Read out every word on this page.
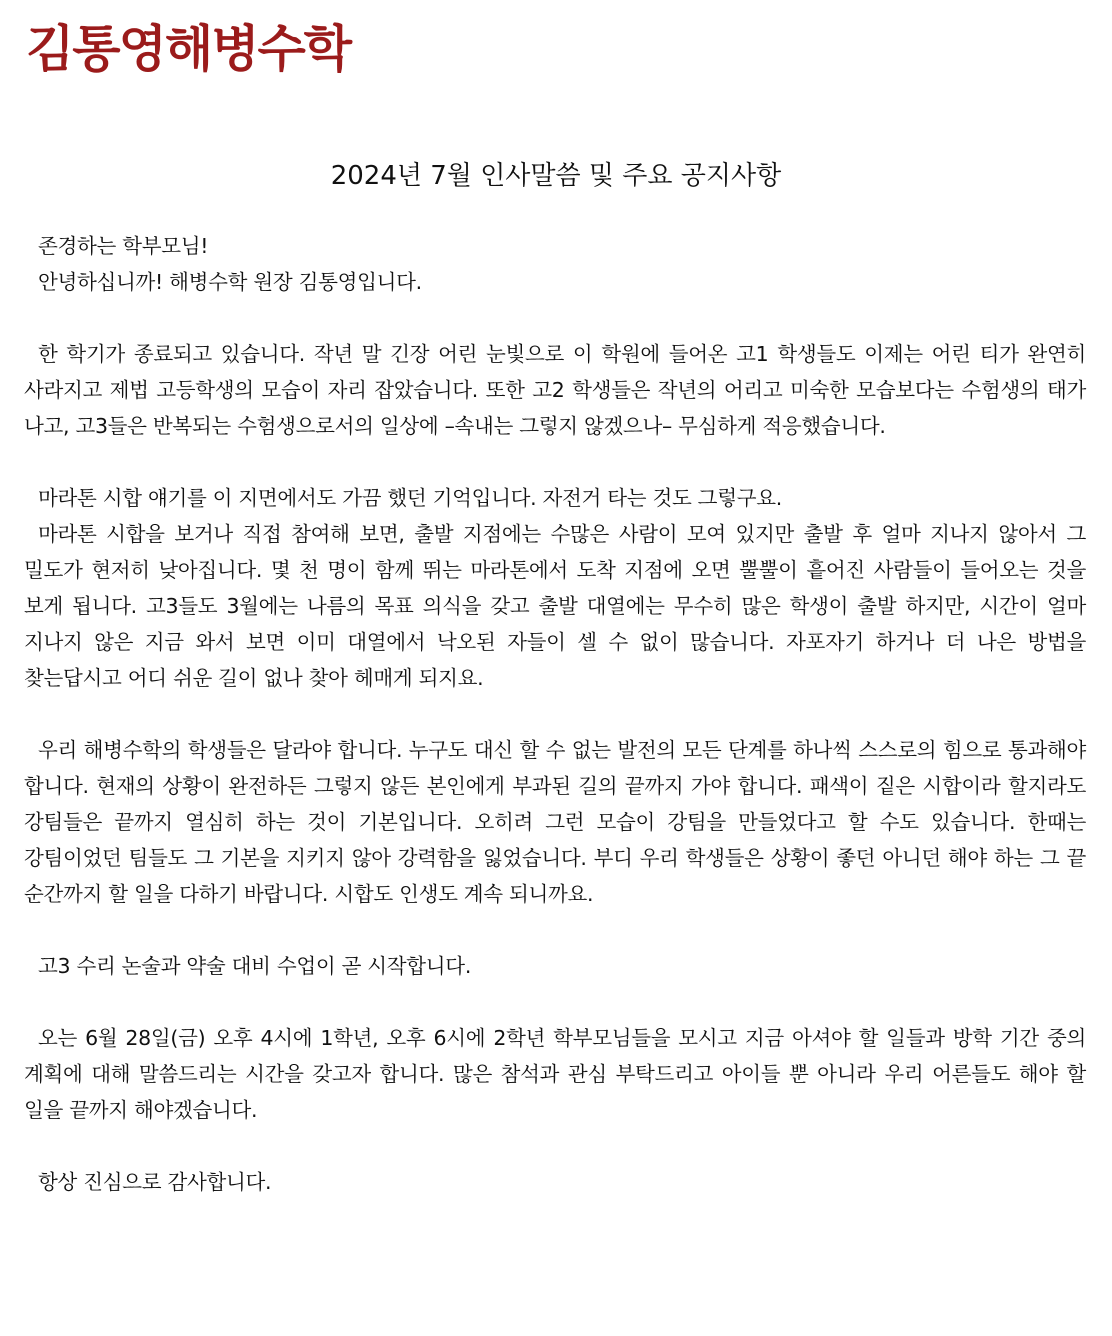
김통영해병수학
2024년 7월 인사말씀 및 주요 공지사항

존경하는 학부모님!

안녕하십니까! 해병수학 원장 김통영입니다.

한 학기가 종료되고 있습니다. 작년 말 긴장 어린 눈빛으로 이 학원에 들어온 고1 학생들도 이제는 어린 티가 완연히 사라지고 제법 고등학생의 모습이 자리 잡았습니다. 또한 고2 학생들은 작년의 어리고 미숙한 모습보다는 수험생의 태가 나고, 고3들은 반복되는 수험생으로서의 일상에 –속내는 그렇지 않겠으나– 무심하게 적응했습니다.

마라톤 시합 얘기를 이 지면에서도 가끔 했던 기억입니다. 자전거 타는 것도 그렇구요.

마라톤 시합을 보거나 직접 참여해 보면, 출발 지점에는 수많은 사람이 모여 있지만 출발 후 얼마 지나지 않아서 그 밀도가 현저히 낮아집니다. 몇 천 명이 함께 뛰는 마라톤에서 도착 지점에 오면 뿔뿔이 흩어진 사람들이 들어오는 것을 보게 됩니다. 고3들도 3월에는 나름의 목표 의식을 갖고 출발 대열에는 무수히 많은 학생이 출발 하지만, 시간이 얼마 지나지 않은 지금 와서 보면 이미 대열에서 낙오된 자들이 셀 수 없이 많습니다. 자포자기 하거나 더 나은 방법을 찾는답시고 어디 쉬운 길이 없나 찾아 헤매게 되지요.

우리 해병수학의 학생들은 달라야 합니다. 누구도 대신 할 수 없는 발전의 모든 단계를 하나씩 스스로의 힘으로 통과해야 합니다. 현재의 상황이 완전하든 그렇지 않든 본인에게 부과된 길의 끝까지 가야 합니다. 패색이 짙은 시합이라 할지라도 강팀들은 끝까지 열심히 하는 것이 기본입니다. 오히려 그런 모습이 강팀을 만들었다고 할 수도 있습니다. 한때는 강팀이었던 팀들도 그 기본을 지키지 않아 강력함을 잃었습니다. 부디 우리 학생들은 상황이 좋던 아니던 해야 하는 그 끝 순간까지 할 일을 다하기 바랍니다. 시합도 인생도 계속 되니까요.

고3 수리 논술과 약술 대비 수업이 곧 시작합니다.

오는 6월 28일(금) 오후 4시에 1학년, 오후 6시에 2학년 학부모님들을 모시고 지금 아셔야 할 일들과 방학 기간 중의 계획에 대해 말씀드리는 시간을 갖고자 합니다. 많은 참석과 관심 부탁드리고 아이들 뿐 아니라 우리 어른들도 해야 할 일을 끝까지 해야겠습니다.

항상 진심으로 감사합니다.
